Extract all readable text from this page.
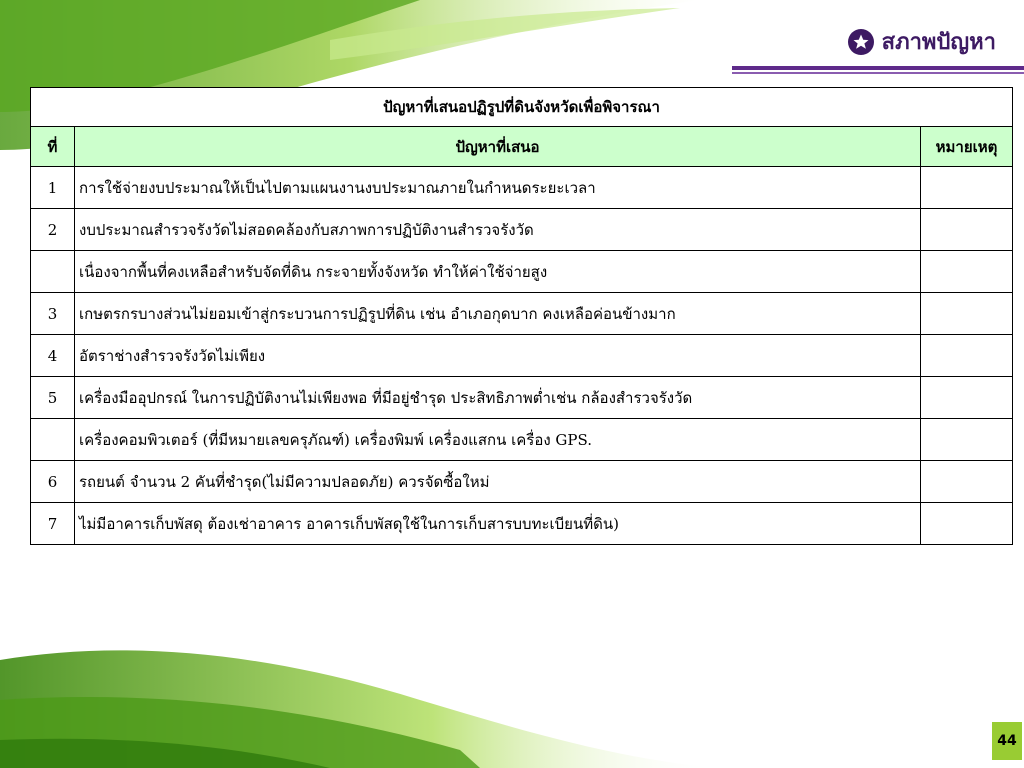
สภาพปัญหา
ปัญหาที่เสนอปฏิรูปที่ดินจังหวัดเพื่อพิจารณา		
ที่	ปัญหาที่เสนอ	หมายเหตุ
1	การใช้จ่ายงบประมาณให้เป็นไปตามแผนงานงบประมาณภายในกำหนดระยะเวลา	
2	งบประมาณสำรวจรังวัดไม่สอดคล้องกับสภาพการปฏิบัติงานสำรวจรังวัด	
	เนื่องจากพื้นที่คงเหลือสำหรับจัดที่ดิน กระจายทั้งจังหวัด ทำให้ค่าใช้จ่ายสูง	
3	เกษตรกรบางส่วนไม่ยอมเข้าสู่กระบวนการปฏิรูปที่ดิน เช่น อำเภอกุดบาก คงเหลือค่อนข้างมาก	
4	อัตราช่างสำรวจรังวัดไม่เพียง	
5	เครื่องมืออุปกรณ์ ในการปฏิบัติงานไม่เพียงพอ ที่มีอยู่ชำรุด ประสิทธิภาพต่ำเช่น กล้องสำรวจรังวัด	
	เครื่องคอมพิวเตอร์ (ที่มีหมายเลขครุภัณฑ์) เครื่องพิมพ์ เครื่องแสกน เครื่อง GPS.	
6	รถยนต์ จำนวน 2 คันที่ชำรุด(ไม่มีความปลอดภัย) ควรจัดซื้อใหม่	
7	ไม่มีอาคารเก็บพัสดุ ต้องเช่าอาคาร อาคารเก็บพัสดุใช้ในการเก็บสารบบทะเบียนที่ดิน)	
44
